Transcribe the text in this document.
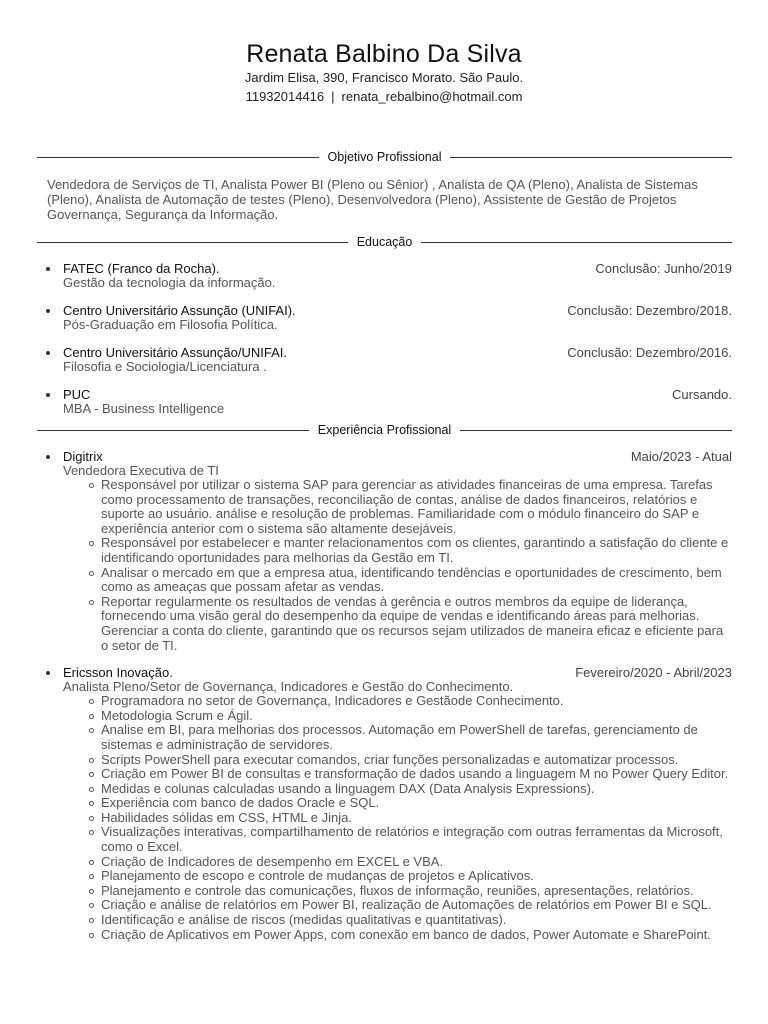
Renata Balbino Da Silva
Jardim Elisa, 390, Francisco Morato. São Paulo.
11932014416 | renata_rebalbino@hotmail.com
Objetivo Profissional
Vendedora de Serviços de TI, Analista Power BI (Pleno ou Sênior) , Analista de QA (Pleno), Analista de Sistemas (Pleno), Analista de Automação de testes (Pleno), Desenvolvedora (Pleno), Assistente de Gestão de Projetos Governança, Segurança da Informação.
Educação
FATEC (Franco da Rocha).	Conclusão: Junho/2019
Gestão da tecnologia da informação.
Centro Universitário Assunção (UNIFAI).	Conclusão: Dezembro/2018.
Pós-Graduação em Filosofia Política.
Centro Universitário Assunção/UNIFAI.	Conclusão: Dezembro/2016.
Filosofia e Sociologia/Licenciatura .
PUC	Cursando.
MBA - Business Intelligence
Experiência Profissional
Digitrix	Maio/2023 - Atual
Vendedora Executiva de TI
Responsável por utilizar o sistema SAP para gerenciar as atividades financeiras de uma empresa. Tarefas como processamento de transações, reconciliação de contas, análise de dados financeiros, relatórios e suporte ao usuário. análise e resolução de problemas. Familiaridade com o módulo financeiro do SAP e experiência anterior com o sistema são altamente desejáveis.
Responsável por estabelecer e manter relacionamentos com os clientes, garantindo a satisfação do cliente e identificando oportunidades para melhorias da Gestão em TI.
Analisar o mercado em que a empresa atua, identificando tendências e oportunidades de crescimento, bem como as ameaças que possam afetar as vendas.
Reportar regularmente os resultados de vendas à gerência e outros membros da equipe de liderança, fornecendo uma visão geral do desempenho da equipe de vendas e identificando áreas para melhorias. Gerenciar a conta do cliente, garantindo que os recursos sejam utilizados de maneira eficaz e eficiente para o setor de TI.
Ericsson Inovação.	Fevereiro/2020 - Abril/2023
Analista Pleno/Setor de Governança, Indicadores e Gestão do Conhecimento.
Programadora no setor de Governança, Indicadores e Gestãode Conhecimento.
Metodologia Scrum e Ágil.
Analise em BI, para melhorias dos processos. Automação em PowerShell de tarefas, gerenciamento de sistemas e administração de servidores.
Scripts PowerShell para executar comandos, criar funções personalizadas e automatizar processos.
Criação em Power BI de consultas e transformação de dados usando a linguagem M no Power Query Editor.
Medidas e colunas calculadas usando a linguagem DAX (Data Analysis Expressions).
Experiência com banco de dados Oracle e SQL.
Habilidades sólidas em CSS, HTML e Jinja.
Visualizações interativas, compartilhamento de relatórios e integração com outras ferramentas da Microsoft, como o Excel.
Criação de Indicadores de desempenho em EXCEL e VBA.
Planejamento de escopo e controle de mudanças de projetos e Aplicativos.
Planejamento e controle das comunicações, fluxos de informação, reuniões, apresentações, relatórios.
Criação e análise de relatórios em Power BI, realização de Automações de relatórios em Power BI e SQL.
Identificação e análise de riscos (medidas qualitativas e quantitativas).
Criação de Aplicativos em Power Apps, com conexão em banco de dados, Power Automate e SharePoint.
